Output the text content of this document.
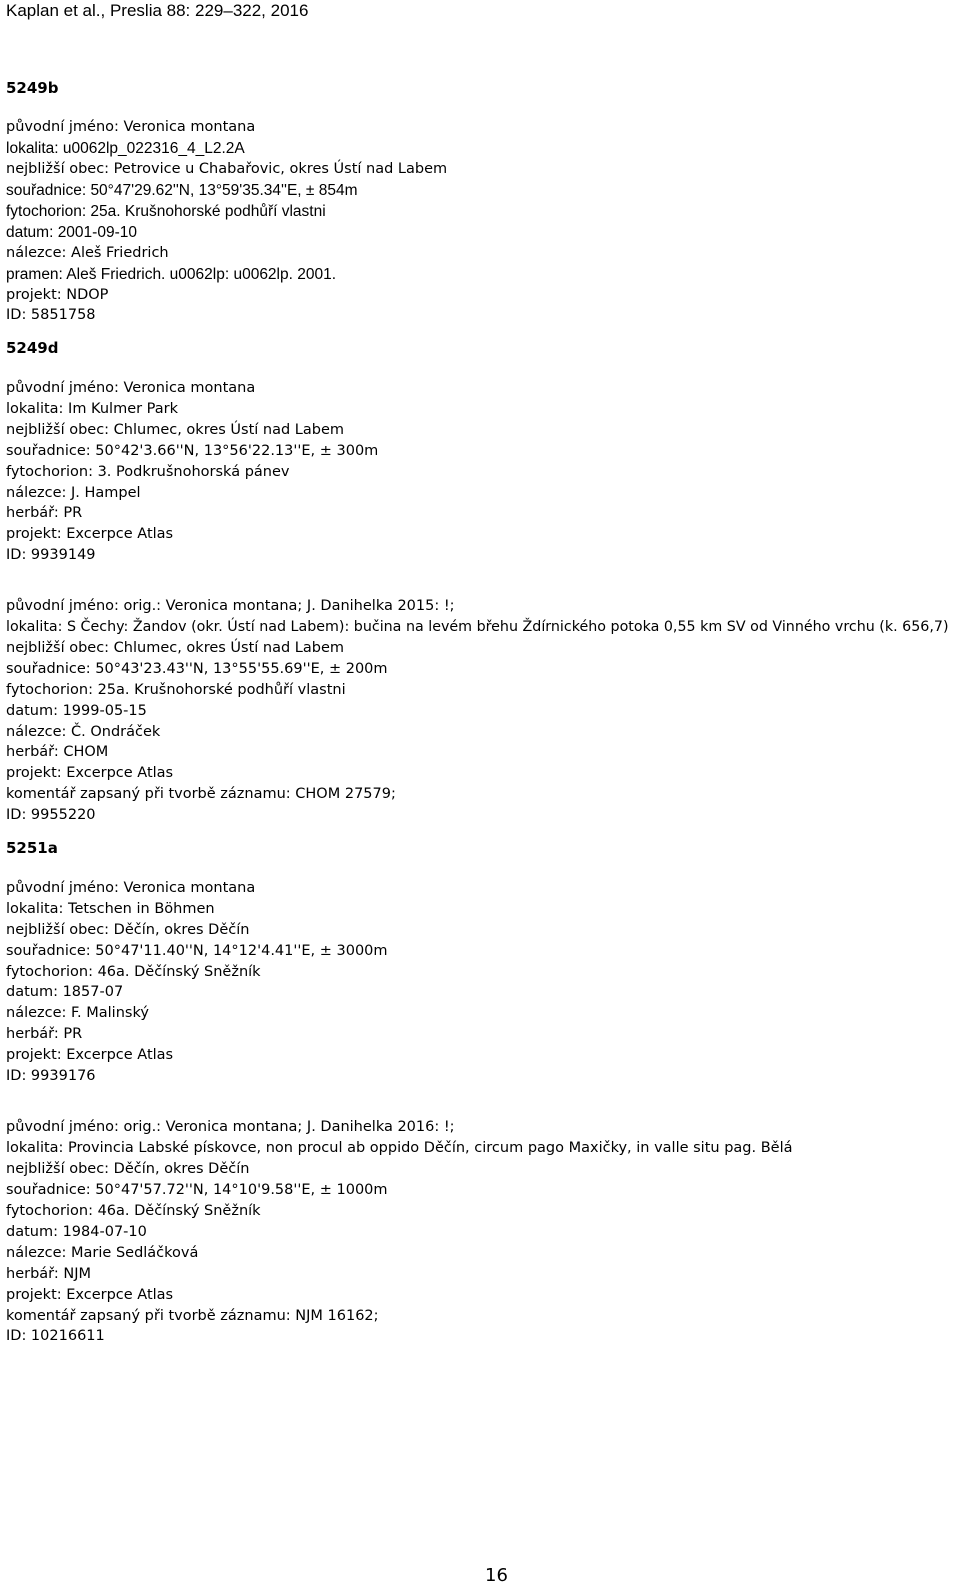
Kaplan et al., Preslia 88: 229–322, 2016
5249b
původní jméno: Veronica montana
lokalita: u0062lp_022316_4_L2.2A
nejbližší obec: Petrovice u Chabařovic, okres Ústí nad Labem
souřadnice: 50°47'29.62''N, 13°59'35.34''E, ± 854m
fytochorion: 25a. Krušnohorské podhůří vlastni
datum: 2001-09-10
nálezce: Aleš Friedrich
pramen: Aleš Friedrich. u0062lp: u0062lp. 2001.
projekt: NDOP
ID: 5851758
5249d
původní jméno: Veronica montana
lokalita: Im Kulmer Park
nejbližší obec: Chlumec, okres Ústí nad Labem
souřadnice: 50°42'3.66''N, 13°56'22.13''E, ± 300m
fytochorion: 3. Podkrušnohorská pánev
nálezce: J. Hampel
herbář: PR
projekt: Excerpce Atlas
ID: 9939149
původní jméno: orig.: Veronica montana; J. Danihelka 2015: !;
lokalita: S Čechy: Žandov (okr. Ústí nad Labem): bučina na levém břehu Ždírnického potoka 0,55 km SV od Vinného vrchu (k. 656,7)
nejbližší obec: Chlumec, okres Ústí nad Labem
souřadnice: 50°43'23.43''N, 13°55'55.69''E, ± 200m
fytochorion: 25a. Krušnohorské podhůří vlastni
datum: 1999-05-15
nálezce: Č. Ondráček
herbář: CHOM
projekt: Excerpce Atlas
komentář zapsaný při tvorbě záznamu: CHOM 27579;
ID: 9955220
5251a
původní jméno: Veronica montana
lokalita: Tetschen in Böhmen
nejbližší obec: Děčín, okres Děčín
souřadnice: 50°47'11.40''N, 14°12'4.41''E, ± 3000m
fytochorion: 46a. Děčínský Sněžník
datum: 1857-07
nálezce: F. Malinský
herbář: PR
projekt: Excerpce Atlas
ID: 9939176
původní jméno: orig.: Veronica montana; J. Danihelka 2016: !;
lokalita: Provincia Labské pískovce, non procul ab oppido Děčín, circum pago Maxičky, in valle situ pag. Bělá
nejbližší obec: Děčín, okres Děčín
souřadnice: 50°47'57.72''N, 14°10'9.58''E, ± 1000m
fytochorion: 46a. Děčínský Sněžník
datum: 1984-07-10
nálezce: Marie Sedláčková
herbář: NJM
projekt: Excerpce Atlas
komentář zapsaný při tvorbě záznamu: NJM 16162;
ID: 10216611
16
